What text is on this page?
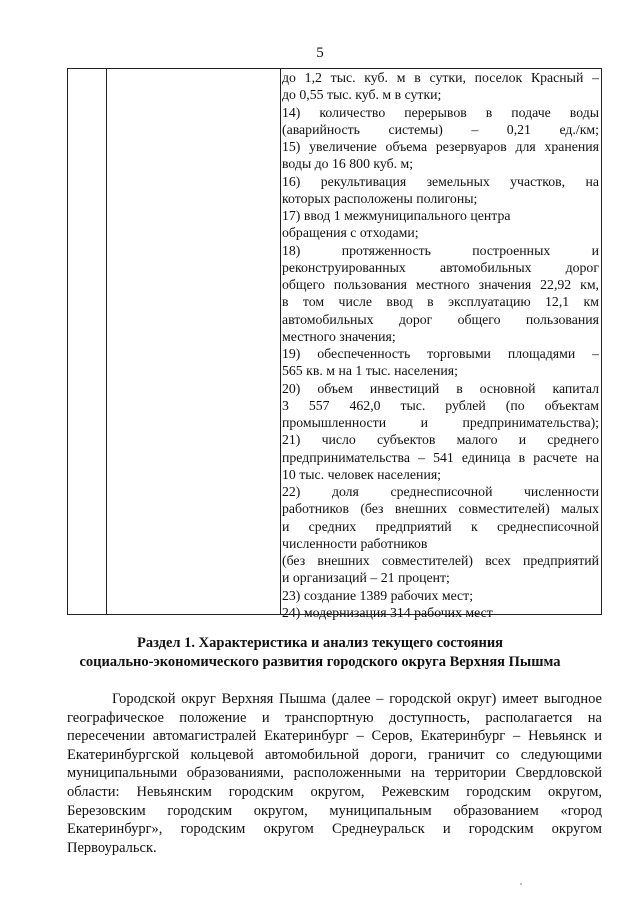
5
до 1,2 тыс. куб. м в сутки, поселок Красный –
до 0,55 тыс. куб. м в сутки;
14) количество перерывов в подаче воды
(аварийность системы) – 0,21 ед./км;
15) увеличение объема резервуаров для хранения
воды до 16 800 куб. м;
16) рекультивация земельных участков, на
которых расположены полигоны;
17) ввод 1 межмуниципального центра
обращения с отходами;
18) протяженность построенных и
реконструированных автомобильных дорог
общего пользования местного значения 22,92 км,
в том числе ввод в эксплуатацию 12,1 км
автомобильных дорог общего пользования
местного значения;
19) обеспеченность торговыми площадями –
565 кв. м на 1 тыс. населения;
20) объем инвестиций в основной капитал
3 557 462,0 тыс. рублей (по объектам
промышленности и предпринимательства);
21) число субъектов малого и среднего
предпринимательства – 541 единица в расчете на
10 тыс. человек населения;
22) доля среднесписочной численности
работников (без внешних совместителей) малых
и средних предприятий к среднесписочной
численности работников
(без внешних совместителей) всех предприятий
и организаций – 21 процент;
23) создание 1389 рабочих мест;
24) модернизация 314 рабочих мест
Раздел 1. Характеристика и анализ текущего состояния
социально-экономического развития городского округа Верхняя Пышма
Городской округ Верхняя Пышма (далее – городской округ) имеет выгодное
географическое положение и транспортную доступность, располагается на
пересечении автомагистралей Екатеринбург – Серов, Екатеринбург – Невьянск и
Екатеринбургской кольцевой автомобильной дороги, граничит со следующими
муниципальными образованиями, расположенными на территории Свердловской
области: Невьянским городским округом, Режевским городским округом,
Березовским городским округом, муниципальным образованием «город
Екатеринбург», городским округом Среднеуральск и городским округом
Первоуральск.
